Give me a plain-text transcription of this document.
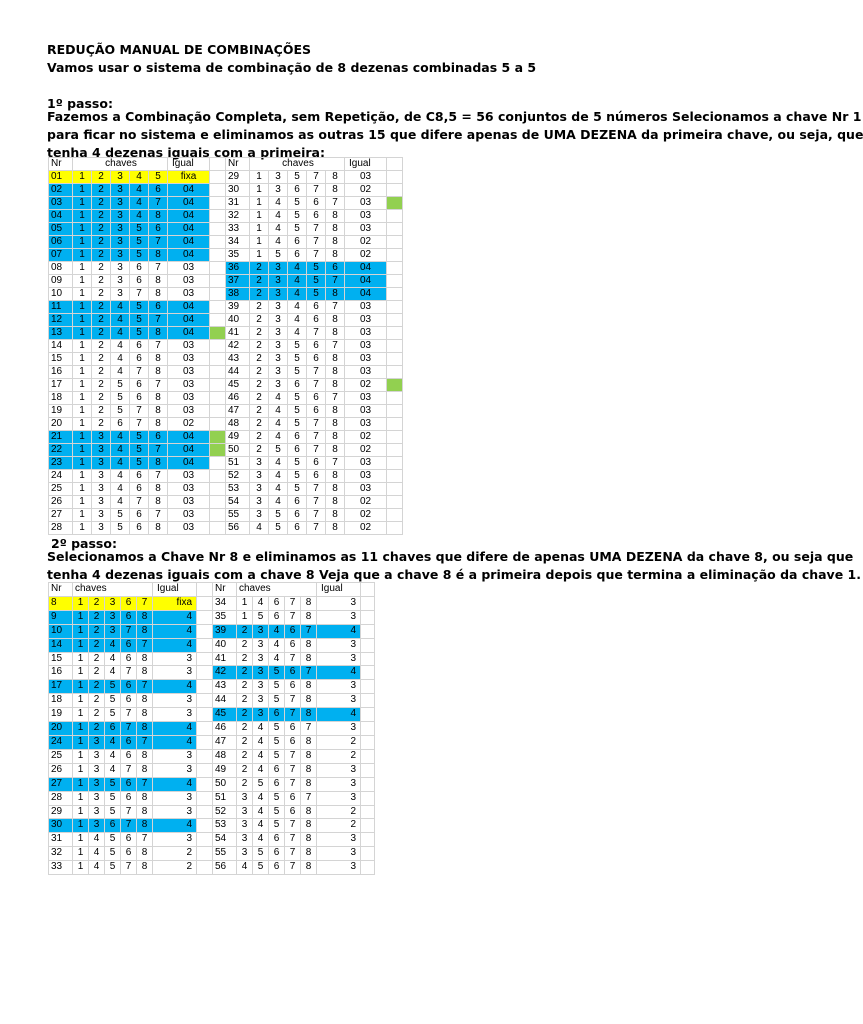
REDUÇÃO MANUAL DE COMBINAÇÕES
Vamos usar o sistema de combinação de 8 dezenas combinadas 5 a 5
1º passo:
Fazemos a Combinação Completa, sem Repetição, de C8,5 = 56 conjuntos de 5 números Selecionamos a chave Nr 1
para ficar no sistema e eliminamos as outras 15 que difere apenas de UMA DEZENA da primeira chave, ou seja, que
tenha 4 dezenas iguais com a primeira:
Nr	chaves					Igual		Nr	chaves					Igual	
01	1	2	3	4	5	fixa		29	1	3	5	7	8	03	
02	1	2	3	4	6	04		30	1	3	6	7	8	02	
03	1	2	3	4	7	04		31	1	4	5	6	7	03	
04	1	2	3	4	8	04		32	1	4	5	6	8	03	
05	1	2	3	5	6	04		33	1	4	5	7	8	03	
06	1	2	3	5	7	04		34	1	4	6	7	8	02	
07	1	2	3	5	8	04		35	1	5	6	7	8	02	
08	1	2	3	6	7	03		36	2	3	4	5	6	04	
09	1	2	3	6	8	03		37	2	3	4	5	7	04	
10	1	2	3	7	8	03		38	2	3	4	5	8	04	
11	1	2	4	5	6	04		39	2	3	4	6	7	03	
12	1	2	4	5	7	04		40	2	3	4	6	8	03	
13	1	2	4	5	8	04		41	2	3	4	7	8	03	
14	1	2	4	6	7	03		42	2	3	5	6	7	03	
15	1	2	4	6	8	03		43	2	3	5	6	8	03	
16	1	2	4	7	8	03		44	2	3	5	7	8	03	
17	1	2	5	6	7	03		45	2	3	6	7	8	02	
18	1	2	5	6	8	03		46	2	4	5	6	7	03	
19	1	2	5	7	8	03		47	2	4	5	6	8	03	
20	1	2	6	7	8	02		48	2	4	5	7	8	03	
21	1	3	4	5	6	04		49	2	4	6	7	8	02	
22	1	3	4	5	7	04		50	2	5	6	7	8	02	
23	1	3	4	5	8	04		51	3	4	5	6	7	03	
24	1	3	4	6	7	03		52	3	4	5	6	8	03	
25	1	3	4	6	8	03		53	3	4	5	7	8	03	
26	1	3	4	7	8	03		54	3	4	6	7	8	02	
27	1	3	5	6	7	03		55	3	5	6	7	8	02	
28	1	3	5	6	8	03		56	4	5	6	7	8	02	
2º passo:
Selecionamos a Chave Nr 8 e eliminamos as 11 chaves que difere de apenas UMA DEZENA da chave 8, ou seja que
tenha 4 dezenas iguais com a chave 8 Veja que a chave 8 é a primeira depois que termina a eliminação da chave 1.
Nr	chaves					Igual		Nr	chaves					Igual	
8	1	2	3	6	7	fixa		34	1	4	6	7	8	3	
9	1	2	3	6	8	4		35	1	5	6	7	8	3	
10	1	2	3	7	8	4		39	2	3	4	6	7	4	
14	1	2	4	6	7	4		40	2	3	4	6	8	3	
15	1	2	4	6	8	3		41	2	3	4	7	8	3	
16	1	2	4	7	8	3		42	2	3	5	6	7	4	
17	1	2	5	6	7	4		43	2	3	5	6	8	3	
18	1	2	5	6	8	3		44	2	3	5	7	8	3	
19	1	2	5	7	8	3		45	2	3	6	7	8	4	
20	1	2	6	7	8	4		46	2	4	5	6	7	3	
24	1	3	4	6	7	4		47	2	4	5	6	8	2	
25	1	3	4	6	8	3		48	2	4	5	7	8	2	
26	1	3	4	7	8	3		49	2	4	6	7	8	3	
27	1	3	5	6	7	4		50	2	5	6	7	8	3	
28	1	3	5	6	8	3		51	3	4	5	6	7	3	
29	1	3	5	7	8	3		52	3	4	5	6	8	2	
30	1	3	6	7	8	4		53	3	4	5	7	8	2	
31	1	4	5	6	7	3		54	3	4	6	7	8	3	
32	1	4	5	6	8	2		55	3	5	6	7	8	3	
33	1	4	5	7	8	2		56	4	5	6	7	8	3	
